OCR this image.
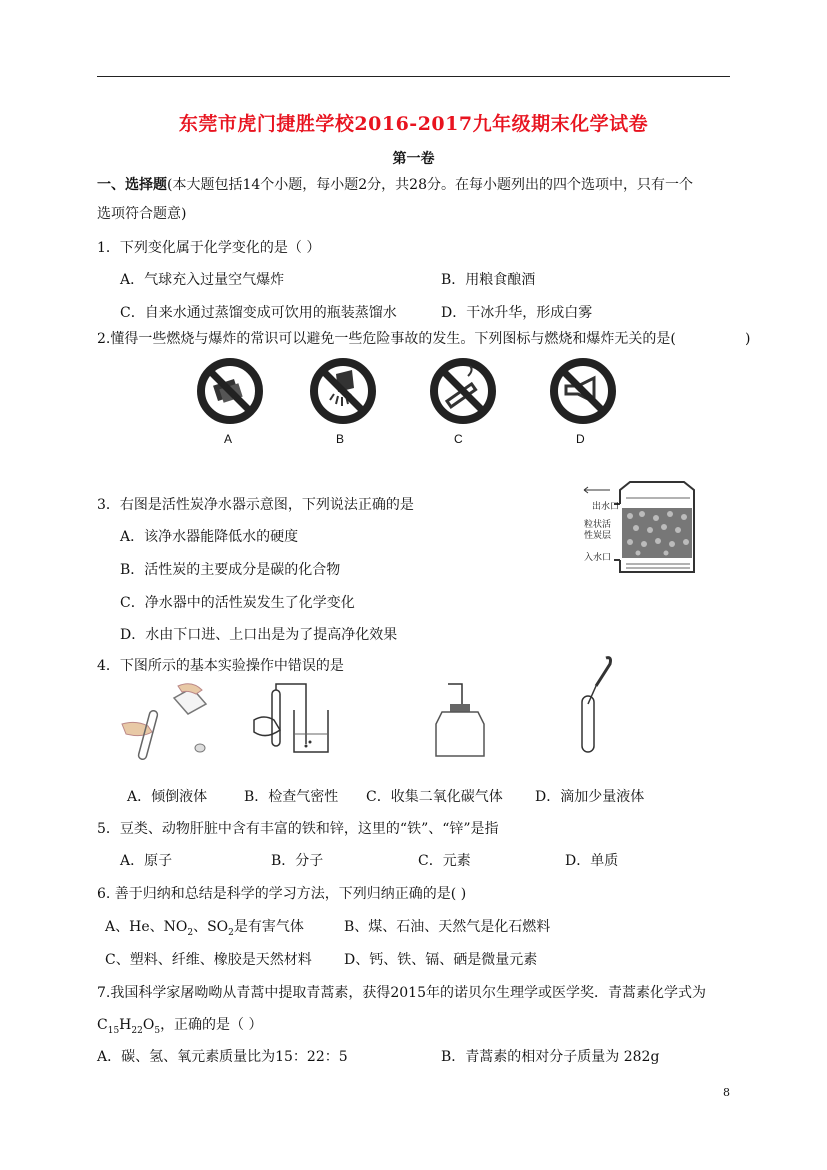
东莞市虎门捷胜学校2016-2017九年级期末化学试卷
第一卷
一、选择题(本大题包括14个小题，每小题2分，共28分。在每小题列出的四个选项中，只有一个
选项符合题意)
1．下列变化属于化学变化的是（ ）
A．气球充入过量空气爆炸	B．用粮食酿酒
C．自来水通过蒸馏变成可饮用的瓶装蒸馏水	D．干冰升华，形成白雾
2.懂得一些燃烧与爆炸的常识可以避免一些危险事故的发生。下列图标与燃烧和爆炸无关的是(	)
A	B	C	D
3．右图是活性炭净水器示意图，下列说法正确的是
A．该净水器能降低水的硬度
B．活性炭的主要成分是碳的化合物
C．净水器中的活性炭发生了化学变化
D．水由下口进、上口出是为了提高净化效果
出水口
粒状活
性炭层
入水口
4．下图所示的基本实验操作中错误的是
A．倾倒液体	B．检查气密性 C．收集二氧化碳气体 D．滴加少量液体
5．豆类、动物肝脏中含有丰富的铁和锌，这里的“铁”、“锌”是指
A．原子	B．分子	C．元素	D．单质
6. 善于归纳和总结是科学的学习方法，下列归纳正确的是( )
A、He、$NO_2$、$SO_2$是有害气体	B、煤、石油、天然气是化石燃料
C、塑料、纤维、橡胶是天然材料 D、钙、铁、镉、硒是微量元素
7.我国科学家屠呦呦从青蒿中提取青蒿素，获得2015年的诺贝尔生理学或医学奖．青蒿素化学式为
$C_{15}H_{22}O_5$，正确的是（ ）
A．碳、氢、氧元素质量比为15：22：5	B．青蒿素的相对分子质量为 282g
8
